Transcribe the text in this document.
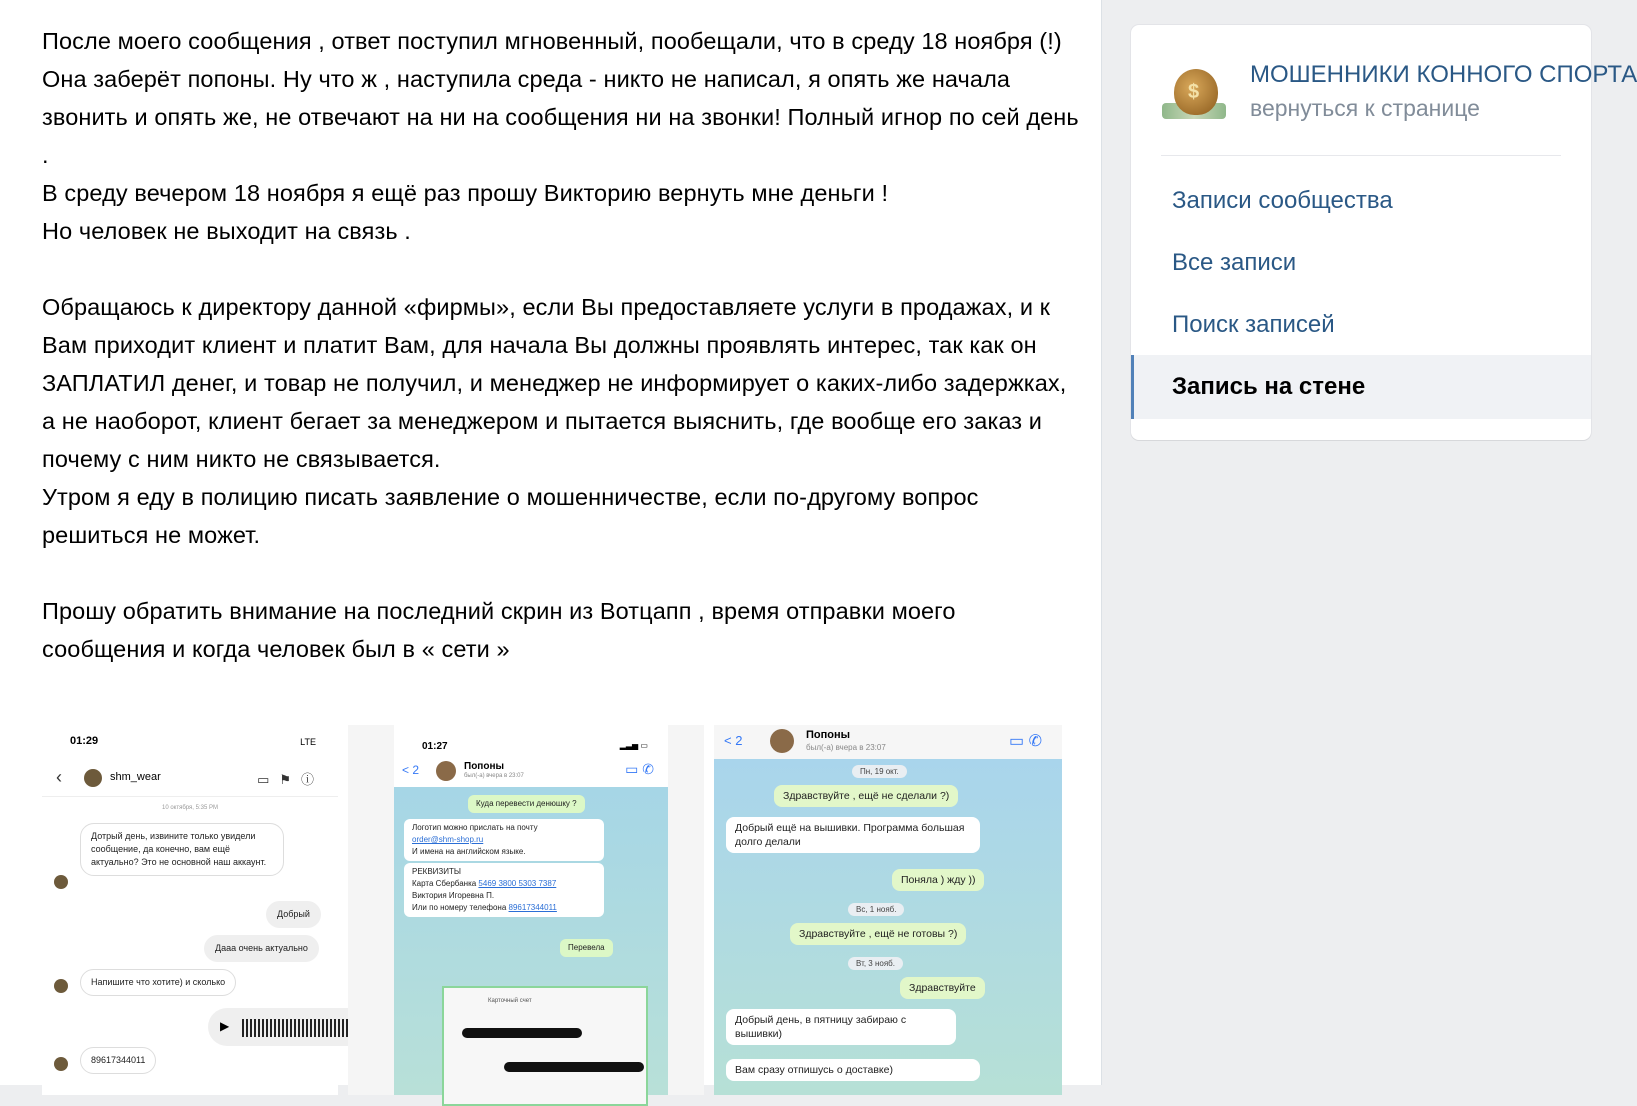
После моего сообщения , ответ поступил мгновенный, пообещали, что в среду 18 ноября (!) Она заберёт попоны. Ну что ж , наступила среда - никто не написал, я опять же начала звонить и опять же, не отвечают на ни на сообщения ни на звонки! Полный игнор по сей день .

В среду вечером 18 ноября я ещё раз прошу Викторию вернуть мне деньги !

Но человек не выходит на связь .

Обращаюсь к директору данной «фирмы», если Вы предоставляете услуги в продажах, и к Вам приходит клиент и платит Вам, для начала Вы должны проявлять интерес, так как он ЗАПЛАТИЛ денег, и товар не получил, и менеджер не информирует о каких-либо задержках, а не наоборот, клиент бегает за менеджером и пытается выяснить, где вообще его заказ и почему с ним никто не связывается.

Утром я еду в полицию писать заявление о мошенничестве, если по-другому вопрос решиться не может.

Прошу обратить внимание на последний скрин из Вотцапп , время отправки моего сообщения и когда человек был в « сети »

01:29	LTE
‹	shm_wear	▭⚑ⓘ
10 октября, 5:35 PM
Дотрый день, извините только увидели сообщение, да конечно, вам ещё актуально? Это не основной наш аккаунт.
Добрый
Дааа очень актуально
Напишите что хотите) и сколько
▶
89617344011
01:27	▂▃▅ ▭
< 2	Попоны
был(-а) вчера в 23:07	▭ ✆
Куда перевести денюшку ?
Логотип можно прислать на почту
order@shm-shop.ru
И имена на английском языке.
РЕКВИЗИТЫ
Карта Сбербанка 5469 3800 5303 7387
Виктория Игоревна П.
Или по номеру телефона 89617344011
Перевела
Карточный счет
< 2	Попоны
был(-а) вчера в 23:07	▭ ✆
Пн, 19 окт.
Здравствуйте , ещё не сделали ?)
Добрый ещё на вышивки. Программа большая долго делали
Поняла ) жду ))
Вс, 1 нояб.
Здравствуйте , ещё не готовы ?)
Вт, 3 нояб.
Здравствуйте
Добрый день, в пятницу забираю с вышивки)
Вам сразу отпишусь о доставке)
$
МОШЕННИКИ КОННОГО СПОРТА
вернуться к странице
Записи сообщества
Все записи
Поиск записей
Запись на стене
